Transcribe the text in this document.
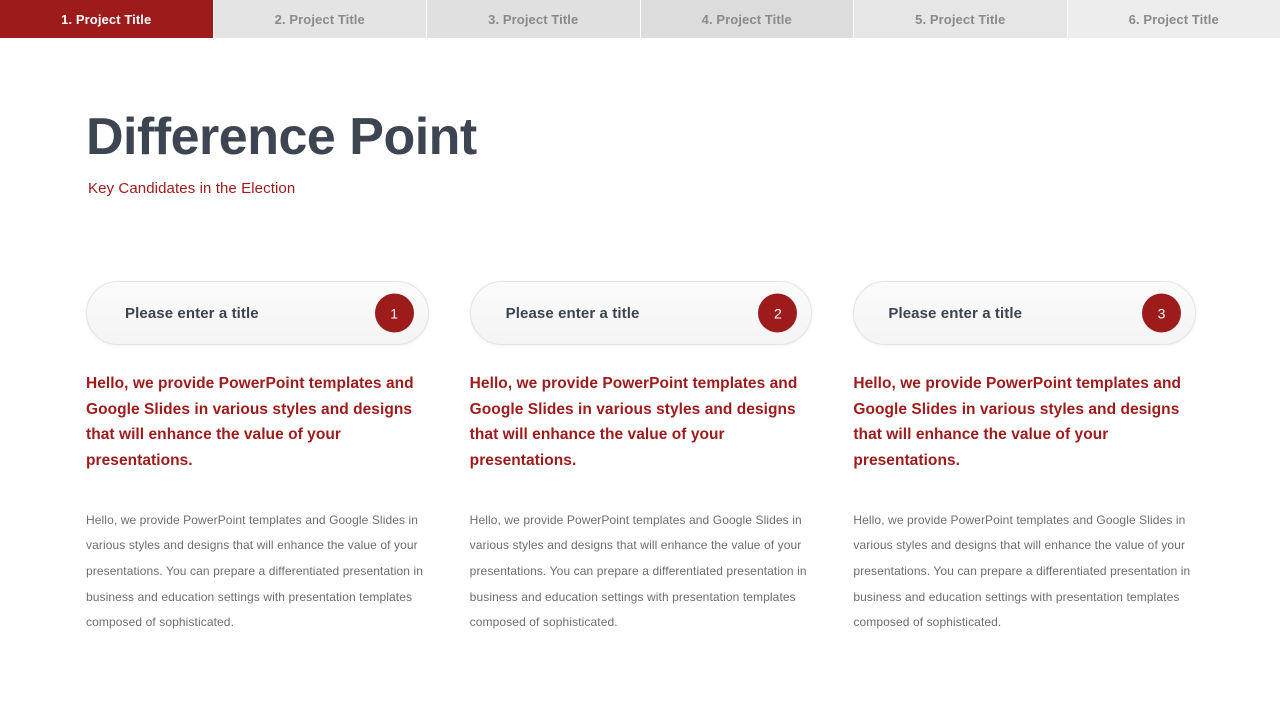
1. Project Title	2. Project Title	3. Project Title	4. Project Title	5. Project Title	6. Project Title
Difference Point
Key Candidates in the Election
Please enter a title	1
Hello, we provide PowerPoint templates and Google Slides in various styles and designs that will enhance the value of your presentations.
Hello, we provide PowerPoint templates and Google Slides in various styles and designs that will enhance the value of your presentations. You can prepare a differentiated presentation in business and education settings with presentation templates composed of sophisticated.
Please enter a title	2
Hello, we provide PowerPoint templates and Google Slides in various styles and designs that will enhance the value of your presentations.
Hello, we provide PowerPoint templates and Google Slides in various styles and designs that will enhance the value of your presentations. You can prepare a differentiated presentation in business and education settings with presentation templates composed of sophisticated.
Please enter a title	3
Hello, we provide PowerPoint templates and Google Slides in various styles and designs that will enhance the value of your presentations.
Hello, we provide PowerPoint templates and Google Slides in various styles and designs that will enhance the value of your presentations. You can prepare a differentiated presentation in business and education settings with presentation templates composed of sophisticated.
